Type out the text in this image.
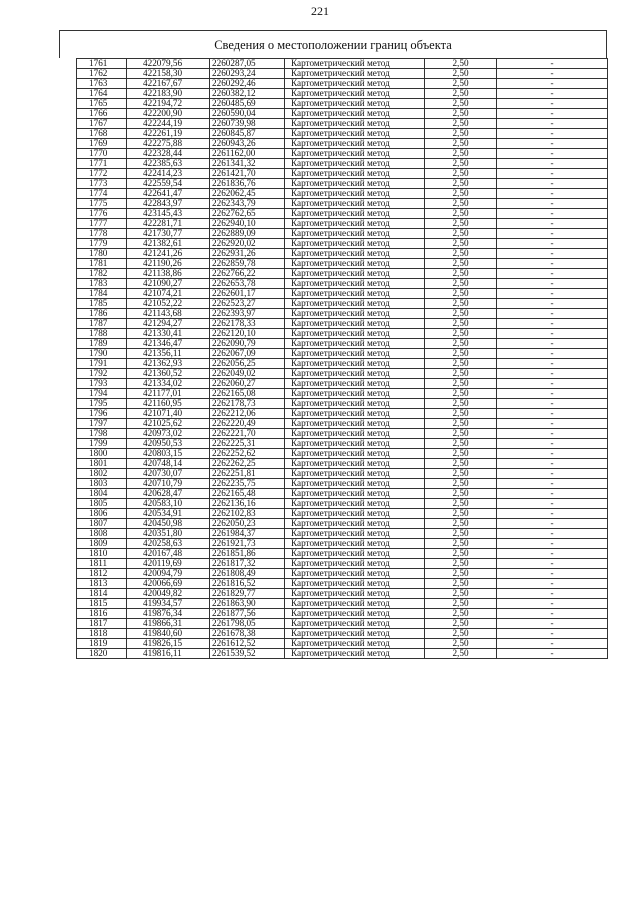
221
Сведения о местоположении границ объекта
1761	422079,56	2260287,05	Картометрический метод	2,50	-
1762	422158,30	2260293,24	Картометрический метод	2,50	-
1763	422167,67	2260292,46	Картометрический метод	2,50	-
1764	422183,90	2260382,12	Картометрический метод	2,50	-
1765	422194,72	2260485,69	Картометрический метод	2,50	-
1766	422200,90	2260590,04	Картометрический метод	2,50	-
1767	422244,19	2260739,98	Картометрический метод	2,50	-
1768	422261,19	2260845,87	Картометрический метод	2,50	-
1769	422275,88	2260943,26	Картометрический метод	2,50	-
1770	422328,44	2261162,00	Картометрический метод	2,50	-
1771	422385,63	2261341,32	Картометрический метод	2,50	-
1772	422414,23	2261421,70	Картометрический метод	2,50	-
1773	422559,54	2261836,76	Картометрический метод	2,50	-
1774	422641,47	2262062,45	Картометрический метод	2,50	-
1775	422843,97	2262343,79	Картометрический метод	2,50	-
1776	423145,43	2262762,65	Картометрический метод	2,50	-
1777	422281,71	2262940,10	Картометрический метод	2,50	-
1778	421730,77	2262889,09	Картометрический метод	2,50	-
1779	421382,61	2262920,02	Картометрический метод	2,50	-
1780	421241,26	2262931,26	Картометрический метод	2,50	-
1781	421190,26	2262859,78	Картометрический метод	2,50	-
1782	421138,86	2262766,22	Картометрический метод	2,50	-
1783	421090,27	2262653,78	Картометрический метод	2,50	-
1784	421074,21	2262601,17	Картометрический метод	2,50	-
1785	421052,22	2262523,27	Картометрический метод	2,50	-
1786	421143,68	2262393,97	Картометрический метод	2,50	-
1787	421294,27	2262178,33	Картометрический метод	2,50	-
1788	421330,41	2262120,10	Картометрический метод	2,50	-
1789	421346,47	2262090,79	Картометрический метод	2,50	-
1790	421356,11	2262067,09	Картометрический метод	2,50	-
1791	421362,93	2262056,25	Картометрический метод	2,50	-
1792	421360,52	2262049,02	Картометрический метод	2,50	-
1793	421334,02	2262060,27	Картометрический метод	2,50	-
1794	421177,01	2262165,08	Картометрический метод	2,50	-
1795	421160,95	2262178,73	Картометрический метод	2,50	-
1796	421071,40	2262212,06	Картометрический метод	2,50	-
1797	421025,62	2262220,49	Картометрический метод	2,50	-
1798	420973,02	2262221,70	Картометрический метод	2,50	-
1799	420950,53	2262225,31	Картометрический метод	2,50	-
1800	420803,15	2262252,62	Картометрический метод	2,50	-
1801	420748,14	2262262,25	Картометрический метод	2,50	-
1802	420730,07	2262251,81	Картометрический метод	2,50	-
1803	420710,79	2262235,75	Картометрический метод	2,50	-
1804	420628,47	2262165,48	Картометрический метод	2,50	-
1805	420583,10	2262136,16	Картометрический метод	2,50	-
1806	420534,91	2262102,83	Картометрический метод	2,50	-
1807	420450,98	2262050,23	Картометрический метод	2,50	-
1808	420351,80	2261984,37	Картометрический метод	2,50	-
1809	420258,63	2261921,73	Картометрический метод	2,50	-
1810	420167,48	2261851,86	Картометрический метод	2,50	-
1811	420119,69	2261817,32	Картометрический метод	2,50	-
1812	420094,79	2261808,49	Картометрический метод	2,50	-
1813	420066,69	2261816,52	Картометрический метод	2,50	-
1814	420049,82	2261829,77	Картометрический метод	2,50	-
1815	419934,57	2261863,90	Картометрический метод	2,50	-
1816	419876,34	2261877,56	Картометрический метод	2,50	-
1817	419866,31	2261798,05	Картометрический метод	2,50	-
1818	419840,60	2261678,38	Картометрический метод	2,50	-
1819	419826,15	2261612,52	Картометрический метод	2,50	-
1820	419816,11	2261539,52	Картометрический метод	2,50	-
